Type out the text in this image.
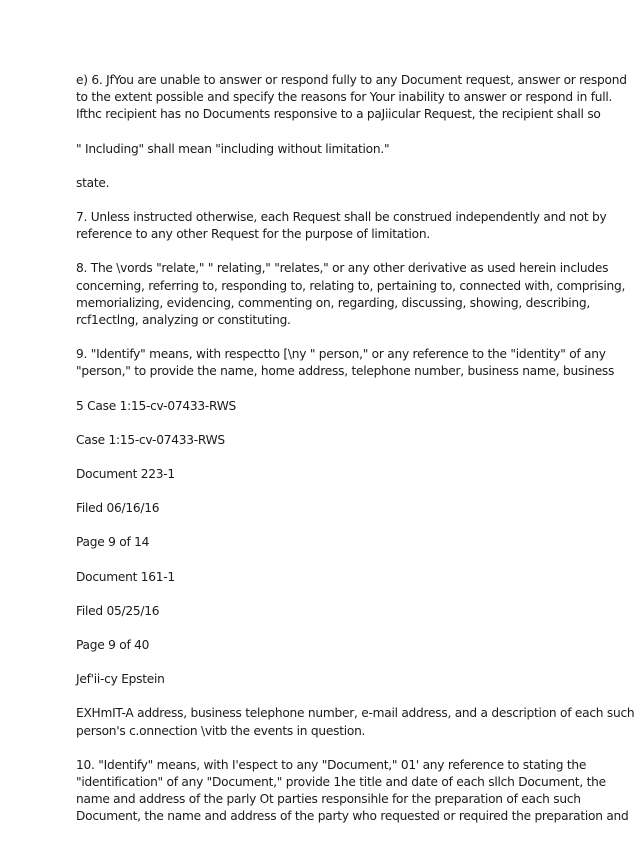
e) 6. JfYou are unable to answer or respond fully to any Document request, answer or respond
to the extent possible and specify the reasons for Your inability to answer or respond in full.
Ifthc recipient has no Documents responsive to a paJiicular Request, the recipient shall so

" Including" shall mean "including without limitation."

state.

7. Unless instructed otherwise, each Request shall be construed independently and not by
reference to any other Request for the purpose of limitation.

8. The \vords "relate," " relating," "relates," or any other derivative as used herein includes
concerning, referring to, responding to, relating to, pertaining to, connected with, comprising,
memorializing, evidencing, commenting on, regarding, discussing, showing, describing,
rcf1ectlng, analyzing or constituting.

9. "Identify" means, with respectto [\ny " person," or any reference to the "identity" of any
"person," to provide the name, home address, telephone number, business name, business

5 Case 1:15-cv-07433-RWS

Case 1:15-cv-07433-RWS

Document 223-1

Filed 06/16/16

Page 9 of 14

Document 161-1

Filed 05/25/16

Page 9 of 40

Jef'ii-cy Epstein

EXHmIT-A address, business telephone number, e-mail address, and a description of each such
person's c.onnection \vitb the events in question.

10. "Identify" means, with I'espect to any "Document," 01' any reference to stating the
"identification" of any "Document," provide 1he title and date of each sllch Document, the
name and address of the parly Ot parties responsihle for the preparation of each such
Document, the name and address of the party who requested or required the preparation and
